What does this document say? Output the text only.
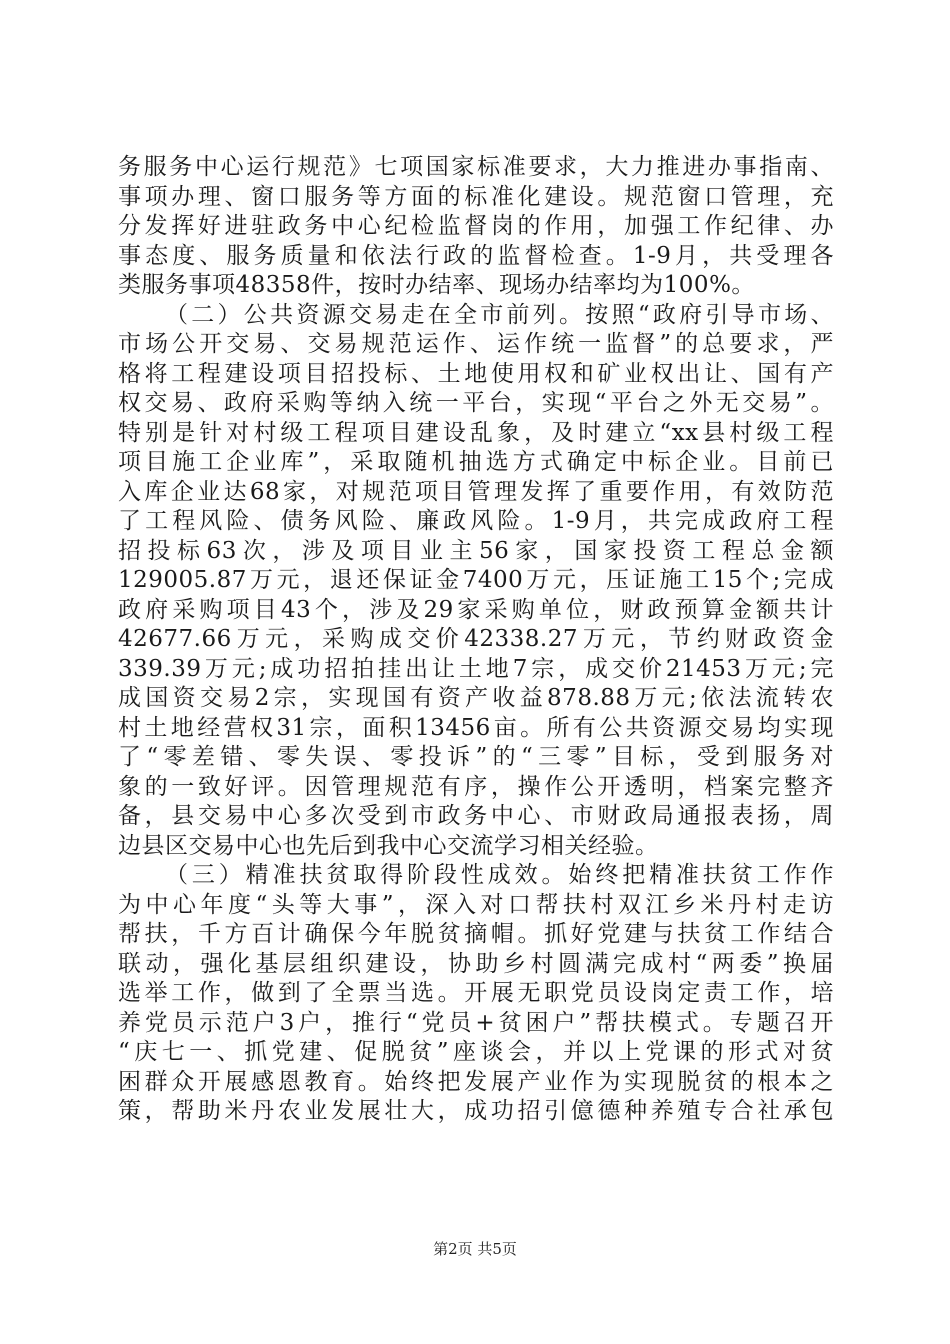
务服务中心运行规范》七项国家标准要求，大力推进办事指南、
事项办理、窗口服务等方面的标准化建设。规范窗口管理，充
分发挥好进驻政务中心纪检监督岗的作用，加强工作纪律、办
事态度、服务质量和依法行政的监督检查。1-9月，共受理各
类服务事项48358件，按时办结率、现场办结率均为100%。
（二）公共资源交易走在全市前列。按照“政府引导市场、
市场公开交易、交易规范运作、运作统一监督”的总要求，严
格将工程建设项目招投标、土地使用权和矿业权出让、国有产
权交易、政府采购等纳入统一平台，实现“平台之外无交易”。
特别是针对村级工程项目建设乱象，及时建立“xx县村级工程
项目施工企业库”，采取随机抽选方式确定中标企业。目前已
入库企业达68家，对规范项目管理发挥了重要作用，有效防范
了工程风险、债务风险、廉政风险。1-9月，共完成政府工程
招投标63次，涉及项目业主56家，国家投资工程总金额
129005.87万元，退还保证金7400万元，压证施工15个;完成
政府采购项目43个，涉及29家采购单位，财政预算金额共计
42677.66万元，采购成交价42338.27万元，节约财政资金
339.39万元;成功招拍挂出让土地7宗，成交价21453万元;完
成国资交易2宗，实现国有资产收益878.88万元;依法流转农
村土地经营权31宗，面积13456亩。所有公共资源交易均实现
了“零差错、零失误、零投诉”的“三零”目标，受到服务对
象的一致好评。因管理规范有序，操作公开透明，档案完整齐
备，县交易中心多次受到市政务中心、市财政局通报表扬，周
边县区交易中心也先后到我中心交流学习相关经验。
（三）精准扶贫取得阶段性成效。始终把精准扶贫工作作
为中心年度“头等大事”，深入对口帮扶村双江乡米丹村走访
帮扶，千方百计确保今年脱贫摘帽。抓好党建与扶贫工作结合
联动，强化基层组织建设，协助乡村圆满完成村“两委”换届
选举工作，做到了全票当选。开展无职党员设岗定责工作，培
养党员示范户3户，推行“党员+贫困户”帮扶模式。专题召开
“庆七一、抓党建、促脱贫”座谈会，并以上党课的形式对贫
困群众开展感恩教育。始终把发展产业作为实现脱贫的根本之
策，帮助米丹农业发展壮大，成功招引億德种养殖专合社承包
第2页 共5页
